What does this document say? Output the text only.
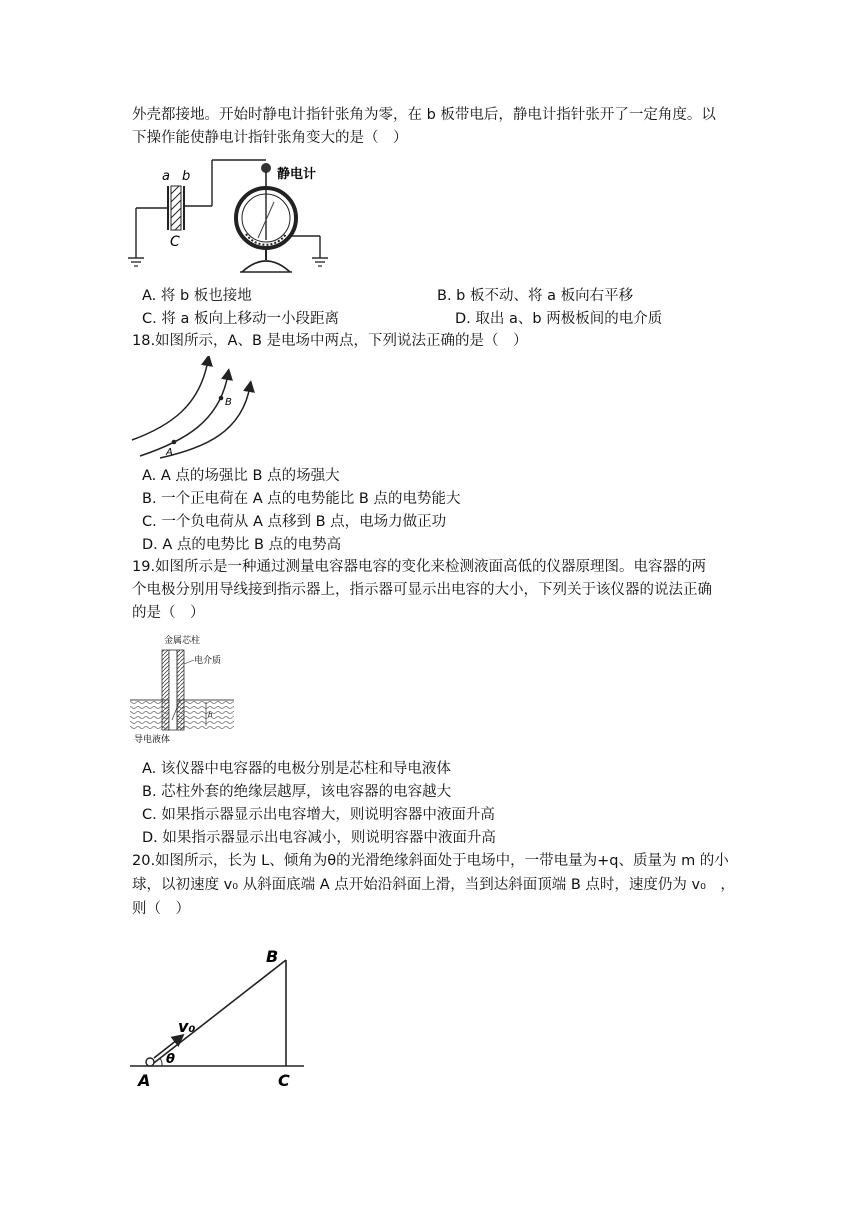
外壳都接地。开始时静电计指针张角为零，在 b 板带电后，静电计指针张开了一定角度。以
下操作能使静电计指针张角变大的是（　）
a b
C
静电计
A. 将 b 板也接地	B. b 板不动、将 a 板向右平移
C. 将 a 板向上移动一小段距离	D. 取出 a、b 两极板间的电介质
18.如图所示，A、B 是电场中两点，下列说法正确的是（　）
A
B
A. A 点的场强比 B 点的场强大
B. 一个正电荷在 A 点的电势能比 B 点的电势能大
C. 一个负电荷从 A 点移到 B 点，电场力做正功
D. A 点的电势比 B 点的电势高
19.如图所示是一种通过测量电容器电容的变化来检测液面高低的仪器原理图。电容器的两
个电极分别用导线接到指示器上，指示器可显示出电容的大小，下列关于该仪器的说法正确
的是（　）
h
金属芯柱
电介质
导电液体
A. 该仪器中电容器的电极分别是芯柱和导电液体
B. 芯柱外套的绝缘层越厚，该电容器的电容越大
C. 如果指示器显示出电容增大，则说明容器中液面升高
D. 如果指示器显示出电容减小，则说明容器中液面升高
20.如图所示，长为 L、倾角为θ的光滑绝缘斜面处于电场中，一带电量为+q、质量为 m 的小
球，以初速度 v₀ 从斜面底端 A 点开始沿斜面上滑，当到达斜面顶端 B 点时，速度仍为 v₀　，
则（　）
θ
v₀
B
A	C
